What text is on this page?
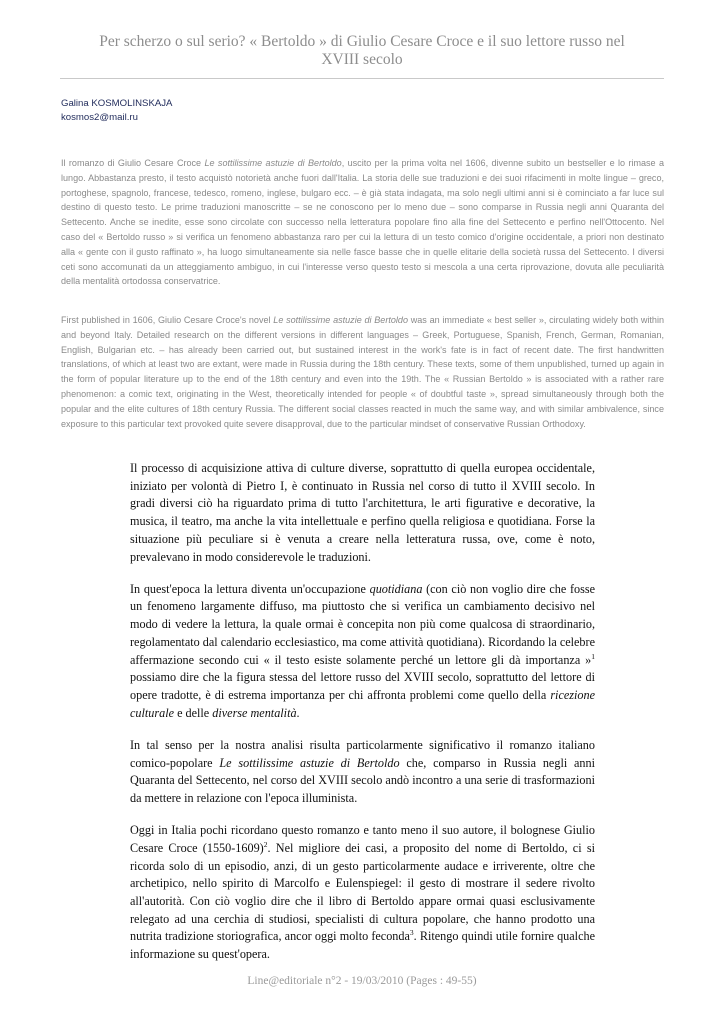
Per scherzo o sul serio? « Bertoldo » di Giulio Cesare Croce e il suo lettore russo nel
XVIII secolo
Galina KOSMOLINSKAJA
kosmos2@mail.ru

Il romanzo di Giulio Cesare Croce Le sottilissime astuzie di Bertoldo, uscito per la prima volta nel 1606, divenne subito un bestseller e lo rimase a lungo. Abbastanza presto, il testo acquistò notorietà anche fuori dall'Italia. La storia delle sue traduzioni e dei suoi rifacimenti in molte lingue – greco, portoghese, spagnolo, francese, tedesco, romeno, inglese, bulgaro ecc. – è già stata indagata, ma solo negli ultimi anni si è cominciato a far luce sul destino di questo testo. Le prime traduzioni manoscritte – se ne conoscono per lo meno due – sono comparse in Russia negli anni Quaranta del Settecento. Anche se inedite, esse sono circolate con successo nella letteratura popolare fino alla fine del Settecento e perfino nell'Ottocento. Nel caso del « Bertoldo russo » si verifica un fenomeno abbastanza raro per cui la lettura di un testo comico d'origine occidentale, a priori non destinato alla « gente con il gusto raffinato », ha luogo simultaneamente sia nelle fasce basse che in quelle elitarie della società russa del Settecento. I diversi ceti sono accomunati da un atteggiamento ambiguo, in cui l'interesse verso questo testo si mescola a una certa riprovazione, dovuta alle peculiarità della mentalità ortodossa conservatrice.

First published in 1606, Giulio Cesare Croce's novel Le sottilissime astuzie di Bertoldo was an immediate « best seller », circulating widely both within and beyond Italy. Detailed research on the different versions in different languages – Greek, Portuguese, Spanish, French, German, Romanian, English, Bulgarian etc. – has already been carried out, but sustained interest in the work's fate is in fact of recent date. The first handwritten translations, of which at least two are extant, were made in Russia during the 18th century. These texts, some of them unpublished, turned up again in the form of popular literature up to the end of the 18th century and even into the 19th. The « Russian Bertoldo » is associated with a rather rare phenomenon: a comic text, originating in the West, theoretically intended for people « of doubtful taste », spread simultaneously through both the popular and the elite cultures of 18th century Russia. The different social classes reacted in much the same way, and with similar ambivalence, since exposure to this particular text provoked quite severe disapproval, due to the particular mindset of conservative Russian Orthodoxy.

Il processo di acquisizione attiva di culture diverse, soprattutto di quella europea occidentale, iniziato per volontà di Pietro I, è continuato in Russia nel corso di tutto il XVIII secolo. In gradi diversi ciò ha riguardato prima di tutto l'architettura, le arti figurative e decorative, la musica, il teatro, ma anche la vita intellettuale e perfino quella religiosa e quotidiana. Forse la situazione più peculiare si è venuta a creare nella letteratura russa, ove, come è noto, prevalevano in modo considerevole le traduzioni.

In quest'epoca la lettura diventa un'occupazione quotidiana (con ciò non voglio dire che fosse un fenomeno largamente diffuso, ma piuttosto che si verifica un cambiamento decisivo nel modo di vedere la lettura, la quale ormai è concepita non più come qualcosa di straordinario, regolamentato dal calendario ecclesiastico, ma come attività quotidiana). Ricordando la celebre affermazione secondo cui « il testo esiste solamente perché un lettore gli dà importanza »$^1$ possiamo dire che la figura stessa del lettore russo del XVIII secolo, soprattutto del lettore di opere tradotte, è di estrema importanza per chi affronta problemi come quello della ricezione culturale e delle diverse mentalità.

In tal senso per la nostra analisi risulta particolarmente significativo il romanzo italiano comico-popolare Le sottilissime astuzie di Bertoldo che, comparso in Russia negli anni Quaranta del Settecento, nel corso del XVIII secolo andò incontro a una serie di trasformazioni da mettere in relazione con l'epoca illuminista.

Oggi in Italia pochi ricordano questo romanzo e tanto meno il suo autore, il bolognese Giulio Cesare Croce (1550-1609)$^2$. Nel migliore dei casi, a proposito del nome di Bertoldo, ci si ricorda solo di un episodio, anzi, di un gesto particolarmente audace e irriverente, oltre che archetipico, nello spirito di Marcolfo e Eulenspiegel: il gesto di mostrare il sedere rivolto all'autorità. Con ciò voglio dire che il libro di Bertoldo appare ormai quasi esclusivamente relegato ad una cerchia di studiosi, specialisti di cultura popolare, che hanno prodotto una nutrita tradizione storiografica, ancor oggi molto feconda$^3$. Ritengo quindi utile fornire qualche informazione su quest'opera.

Line@editoriale n°2 - 19/03/2010 (Pages : 49-55)
